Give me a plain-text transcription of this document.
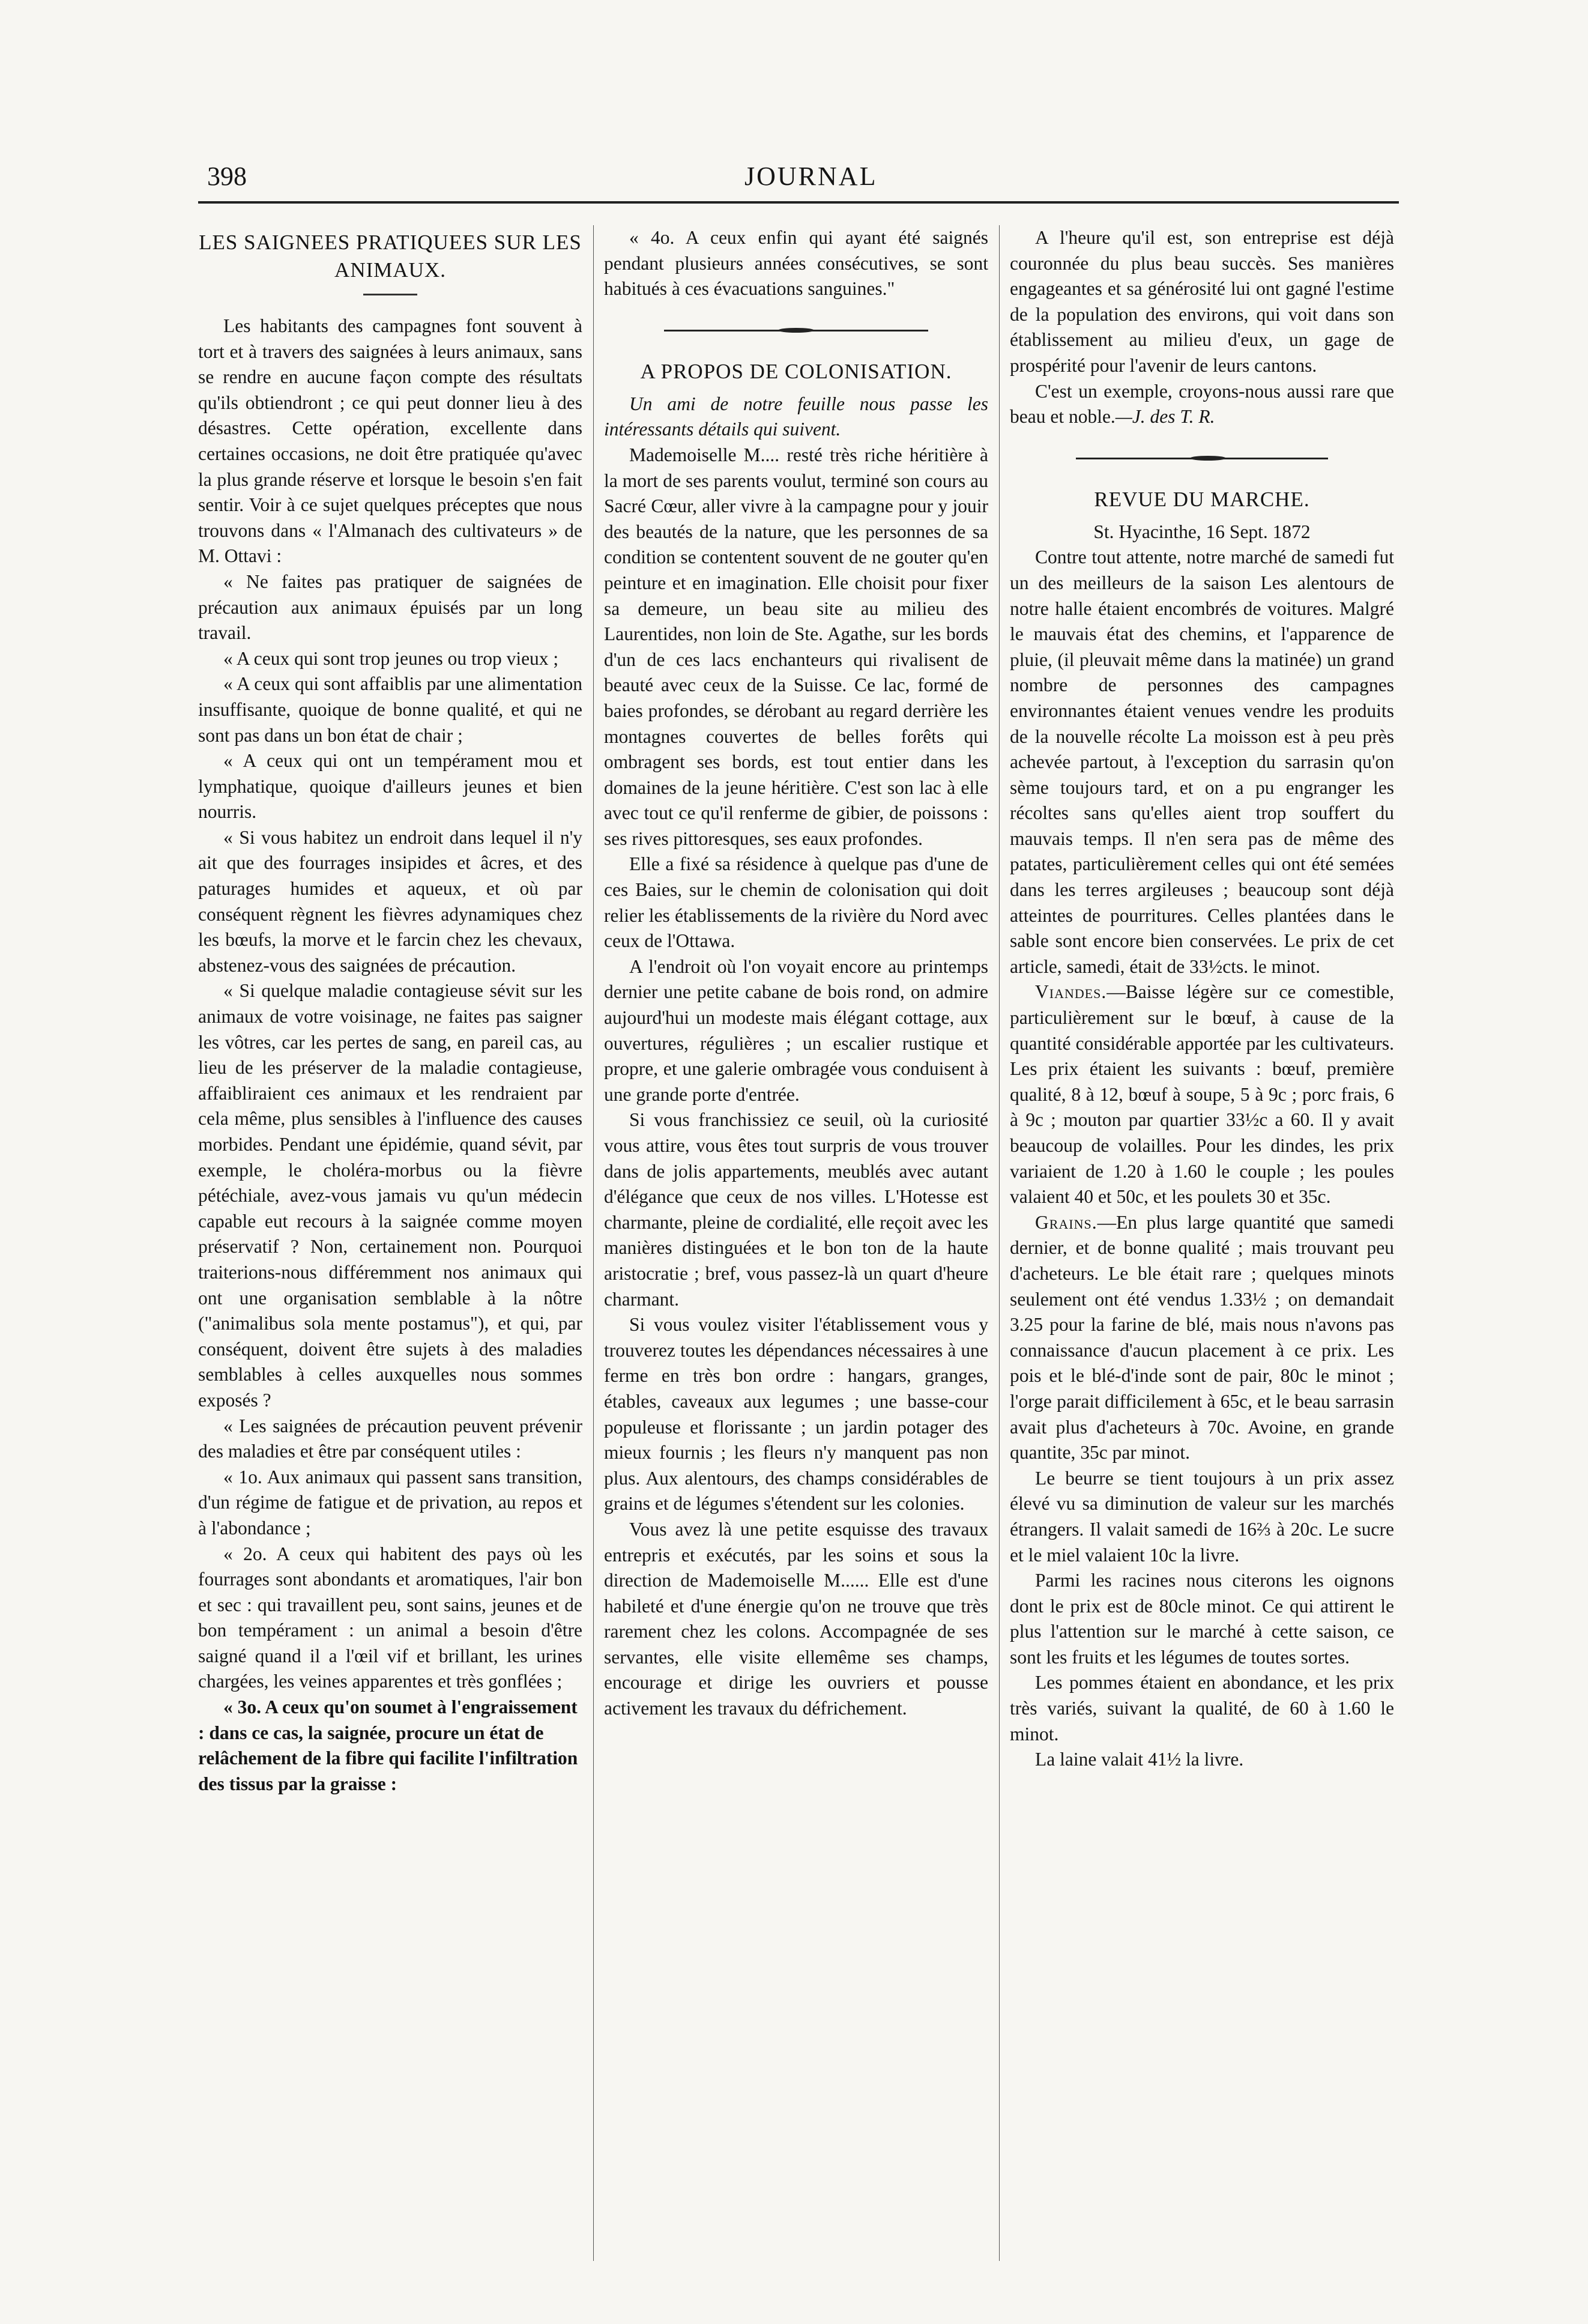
398	JOURNAL
LES SAIGNEES PRATIQUEES SUR LES ANIMAUX.

Les habitants des campagnes font souvent à tort et à travers des saignées à leurs animaux, sans se rendre en aucune façon compte des résultats qu'ils obtiendront ; ce qui peut donner lieu à des désastres. Cette opération, excellente dans certaines occasions, ne doit être pratiquée qu'avec la plus grande réserve et lorsque le besoin s'en fait sentir. Voir à ce sujet quelques préceptes que nous trouvons dans « l'Almanach des cultivateurs » de M. Ottavi :

« Ne faites pas pratiquer de saignées de précaution aux animaux épuisés par un long travail.

« A ceux qui sont trop jeunes ou trop vieux ;

« A ceux qui sont affaiblis par une alimentation insuffisante, quoique de bonne qualité, et qui ne sont pas dans un bon état de chair ;

« A ceux qui ont un tempérament mou et lymphatique, quoique d'ailleurs jeunes et bien nourris.

« Si vous habitez un endroit dans lequel il n'y ait que des fourrages insipides et âcres, et des paturages humides et aqueux, et où par conséquent règnent les fièvres adynamiques chez les bœufs, la morve et le farcin chez les chevaux, abstenez-vous des saignées de précaution.

« Si quelque maladie contagieuse sévit sur les animaux de votre voisinage, ne faites pas saigner les vôtres, car les pertes de sang, en pareil cas, au lieu de les préserver de la maladie contagieuse, affaibliraient ces animaux et les rendraient par cela même, plus sensibles à l'influence des causes morbides. Pendant une épidémie, quand sévit, par exemple, le choléra-morbus ou la fièvre pétéchiale, avez-vous jamais vu qu'un médecin capable eut recours à la saignée comme moyen préservatif ? Non, certainement non. Pourquoi traiterions-nous différemment nos animaux qui ont une organisation semblable à la nôtre ("animalibus sola mente postamus"), et qui, par conséquent, doivent être sujets à des maladies semblables à celles auxquelles nous sommes exposés ?

« Les saignées de précaution peuvent prévenir des maladies et être par conséquent utiles :

« 1o. Aux animaux qui passent sans transition, d'un régime de fatigue et de privation, au repos et à l'abondance ;

« 2o. A ceux qui habitent des pays où les fourrages sont abondants et aromatiques, l'air bon et sec : qui travaillent peu, sont sains, jeunes et de bon tempérament : un animal a besoin d'être saigné quand il a l'œil vif et brillant, les urines chargées, les veines apparentes et très gonflées ;

« 3o. A ceux qu'on soumet à l'engraissement : dans ce cas, la saignée, procure un état de relâchement de la fibre qui facilite l'infiltration des tissus par la graisse :

« 4o. A ceux enfin qui ayant été saignés pendant plusieurs années consécutives, se sont habitués à ces évacuations sanguines."

A PROPOS DE COLONISATION.

Un ami de notre feuille nous passe les intéressants détails qui suivent.

Mademoiselle M.... resté très riche héritière à la mort de ses parents voulut, terminé son cours au Sacré Cœur, aller vivre à la campagne pour y jouir des beautés de la nature, que les personnes de sa condition se contentent souvent de ne gouter qu'en peinture et en imagination. Elle choisit pour fixer sa demeure, un beau site au milieu des Laurentides, non loin de Ste. Agathe, sur les bords d'un de ces lacs enchanteurs qui rivalisent de beauté avec ceux de la Suisse. Ce lac, formé de baies profondes, se dérobant au regard derrière les montagnes couvertes de belles forêts qui ombragent ses bords, est tout entier dans les domaines de la jeune héritière. C'est son lac à elle avec tout ce qu'il renferme de gibier, de poissons : ses rives pittoresques, ses eaux profondes.

Elle a fixé sa résidence à quelque pas d'une de ces Baies, sur le chemin de colonisation qui doit relier les établissements de la rivière du Nord avec ceux de l'Ottawa.

A l'endroit où l'on voyait encore au printemps dernier une petite cabane de bois rond, on admire aujourd'hui un modeste mais élégant cottage, aux ouvertures, régulières ; un escalier rustique et propre, et une galerie ombragée vous conduisent à une grande porte d'entrée.

Si vous franchissiez ce seuil, où la curiosité vous attire, vous êtes tout surpris de vous trouver dans de jolis appartements, meublés avec autant d'élégance que ceux de nos villes. L'Hotesse est charmante, pleine de cordialité, elle reçoit avec les manières distinguées et le bon ton de la haute aristocratie ; bref, vous passez-là un quart d'heure charmant.

Si vous voulez visiter l'établissement vous y trouverez toutes les dépendances nécessaires à une ferme en très bon ordre : hangars, granges, étables, caveaux aux legumes ; une basse-cour populeuse et florissante ; un jardin potager des mieux fournis ; les fleurs n'y manquent pas non plus. Aux alentours, des champs considérables de grains et de légumes s'étendent sur les colonies.

Vous avez là une petite esquisse des travaux entrepris et exécutés, par les soins et sous la direction de Mademoiselle M...... Elle est d'une habileté et d'une énergie qu'on ne trouve que très rarement chez les colons. Accompagnée de ses servantes, elle visite ellemême ses champs, encourage et dirige les ouvriers et pousse activement les travaux du défrichement.

A l'heure qu'il est, son entreprise est déjà couronnée du plus beau succès. Ses manières engageantes et sa générosité lui ont gagné l'estime de la population des environs, qui voit dans son établissement au milieu d'eux, un gage de prospérité pour l'avenir de leurs cantons.

C'est un exemple, croyons-nous aussi rare que beau et noble.—J. des T. R.

REVUE DU MARCHE.

St. Hyacinthe, 16 Sept. 1872

Contre tout attente, notre marché de samedi fut un des meilleurs de la saison Les alentours de notre halle étaient encombrés de voitures. Malgré le mauvais état des chemins, et l'apparence de pluie, (il pleuvait même dans la matinée) un grand nombre de personnes des campagnes environnantes étaient venues vendre les produits de la nouvelle récolte La moisson est à peu près achevée partout, à l'exception du sarrasin qu'on sème toujours tard, et on a pu engranger les récoltes sans qu'elles aient trop souffert du mauvais temps. Il n'en sera pas de même des patates, particulièrement celles qui ont été semées dans les terres argileuses ; beaucoup sont déjà atteintes de pourritures. Celles plantées dans le sable sont encore bien conservées. Le prix de cet article, samedi, était de 33½cts. le minot.

Viandes.—Baisse légère sur ce comestible, particulièrement sur le bœuf, à cause de la quantité considérable apportée par les cultivateurs. Les prix étaient les suivants : bœuf, première qualité, 8 à 12, bœuf à soupe, 5 à 9c ; porc frais, 6 à 9c ; mouton par quartier 33½c a 60. Il y avait beaucoup de volailles. Pour les dindes, les prix variaient de 1.20 à 1.60 le couple ; les poules valaient 40 et 50c, et les poulets 30 et 35c.

Grains.—En plus large quantité que samedi dernier, et de bonne qualité ; mais trouvant peu d'acheteurs. Le ble était rare ; quelques minots seulement ont été vendus 1.33½ ; on demandait 3.25 pour la farine de blé, mais nous n'avons pas connaissance d'aucun placement à ce prix. Les pois et le blé-d'inde sont de pair, 80c le minot ; l'orge parait difficilement à 65c, et le beau sarrasin avait plus d'acheteurs à 70c. Avoine, en grande quantite, 35c par minot.

Le beurre se tient toujours à un prix assez élevé vu sa diminution de valeur sur les marchés étrangers. Il valait samedi de 16⅔ à 20c. Le sucre et le miel valaient 10c la livre.

Parmi les racines nous citerons les oignons dont le prix est de 80cle minot. Ce qui attirent le plus l'attention sur le marché à cette saison, ce sont les fruits et les légumes de toutes sortes.

Les pommes étaient en abondance, et les prix très variés, suivant la qualité, de 60 à 1.60 le minot.

La laine valait 41½ la livre.
